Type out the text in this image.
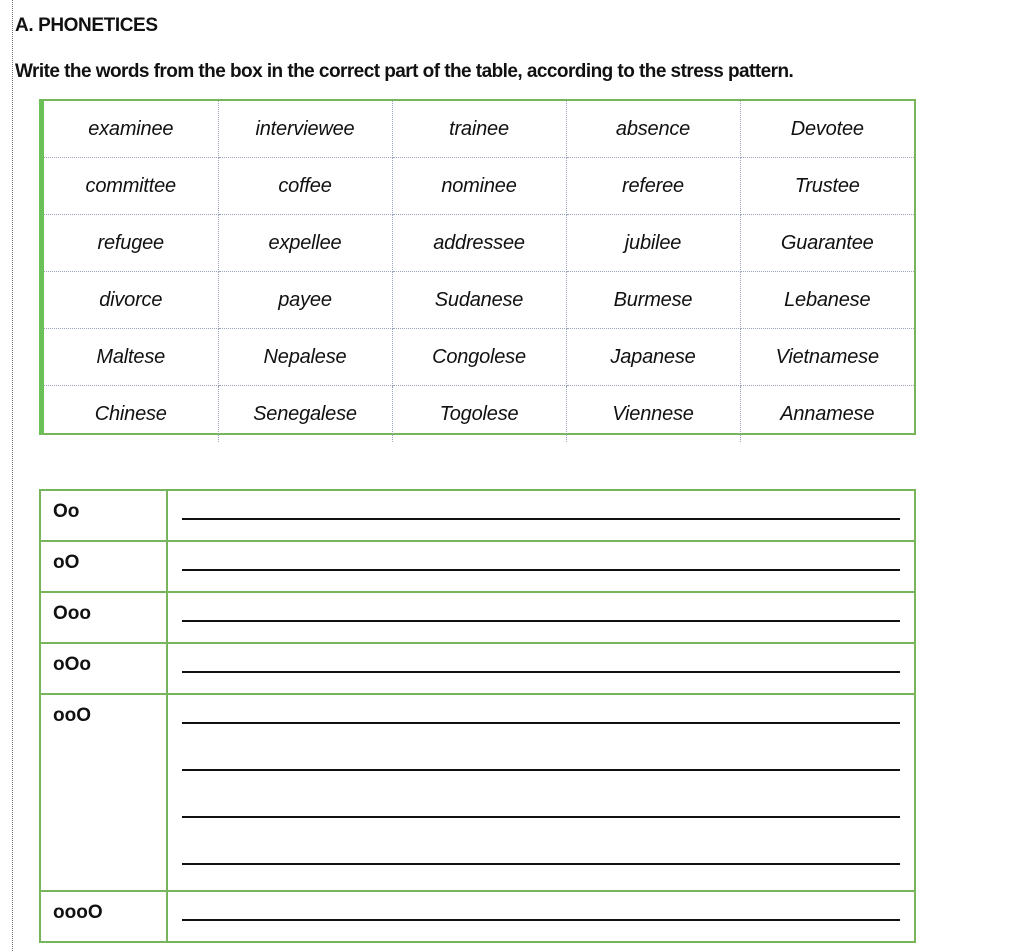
A. PHONETICES
Write the words from the box in the correct part of the table, according to the stress pattern.
examinee	interviewee	trainee	absence	Devotee
committee	coffee	nominee	referee	Trustee
refugee	expellee	addressee	jubilee	Guarantee
divorce	payee	Sudanese	Burmese	Lebanese
Maltese	Nepalese	Congolese	Japanese	Vietnamese
Chinese	Senegalese	Togolese	Viennese	Annamese
Oo	

oO	

Ooo	

oOo	

ooO	

oooO	
